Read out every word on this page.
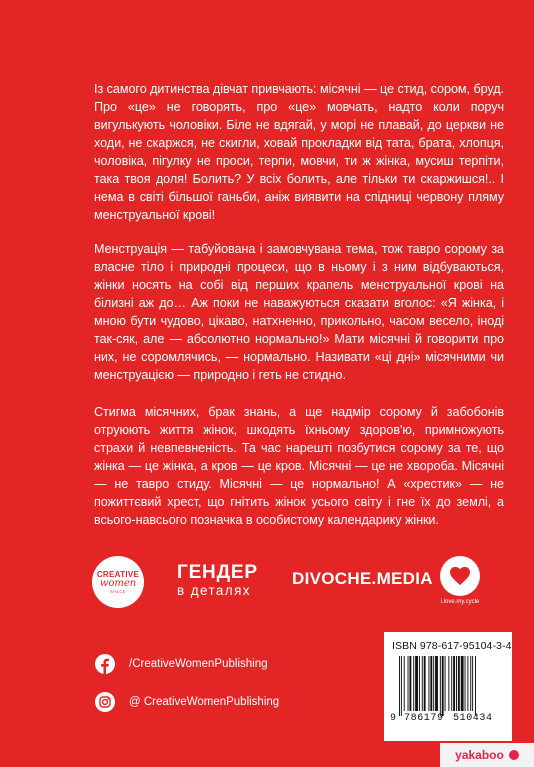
Із самого дитинства дівчат привчають: місячні — це стид, сором, бруд. Про «це» не говорять, про «це» мовчать, надто коли поруч вигулькують чоловіки. Біле не вдягай, у морі не плавай, до церкви не ходи, не скаржся, не скигли, ховай прокладки від тата, брата, хлопця, чоловіка, пігулку не проси, терпи, мовчи, ти ж жінка, мусиш терпіти, така твоя доля! Болить? У всіх болить, але тільки ти скаржишся!.. І нема в світі більшої ганьби, аніж виявити на спідниці червону пляму менструальної крові!

Менструація — табуйована і замовчувана тема, тож тавро сорому за власне тіло і природні процеси, що в ньому і з ним відбуваються, жінки носять на собі від перших крапель менструальної крові на білизні аж до… Аж поки не наважуються сказати вголос: «Я жінка, і мною бути чудово, цікаво, натхненно, прикольно, часом весело, іноді так-сяк, але — абсолютно нормально!» Мати місячні й говорити про них, не соромлячись, — нормально. Називати «ці дні» місячними чи менструацією — природно і геть не стидно.

Стигма місячних, брак знань, а ще надмір сорому й забобонів отруюють життя жінок, шкодять їхньому здоров'ю, примножують страхи й невпевненість. Та час нарешті позбутися сорому за те, що жінка — це жінка, а кров — це кров. Місячні — це не хвороба. Місячні — не тавро стиду. Місячні — це нормально! А «хрестик» — не пожиттєвий хрест, що гнітить жінок усього світу і гне їх до землі, а всього-навсього позначка в особистому календарику жінки.

CREATIVE
women
SPACE
ГЕНДЕР
в деталях
DIVOCHE.MEDIA
i.love.my.cycle
/CreativeWomenPublishing
@ CreativeWomenPublishing
ISBN 978-617-95104-3-4
9 786179 510434
yakaboo
